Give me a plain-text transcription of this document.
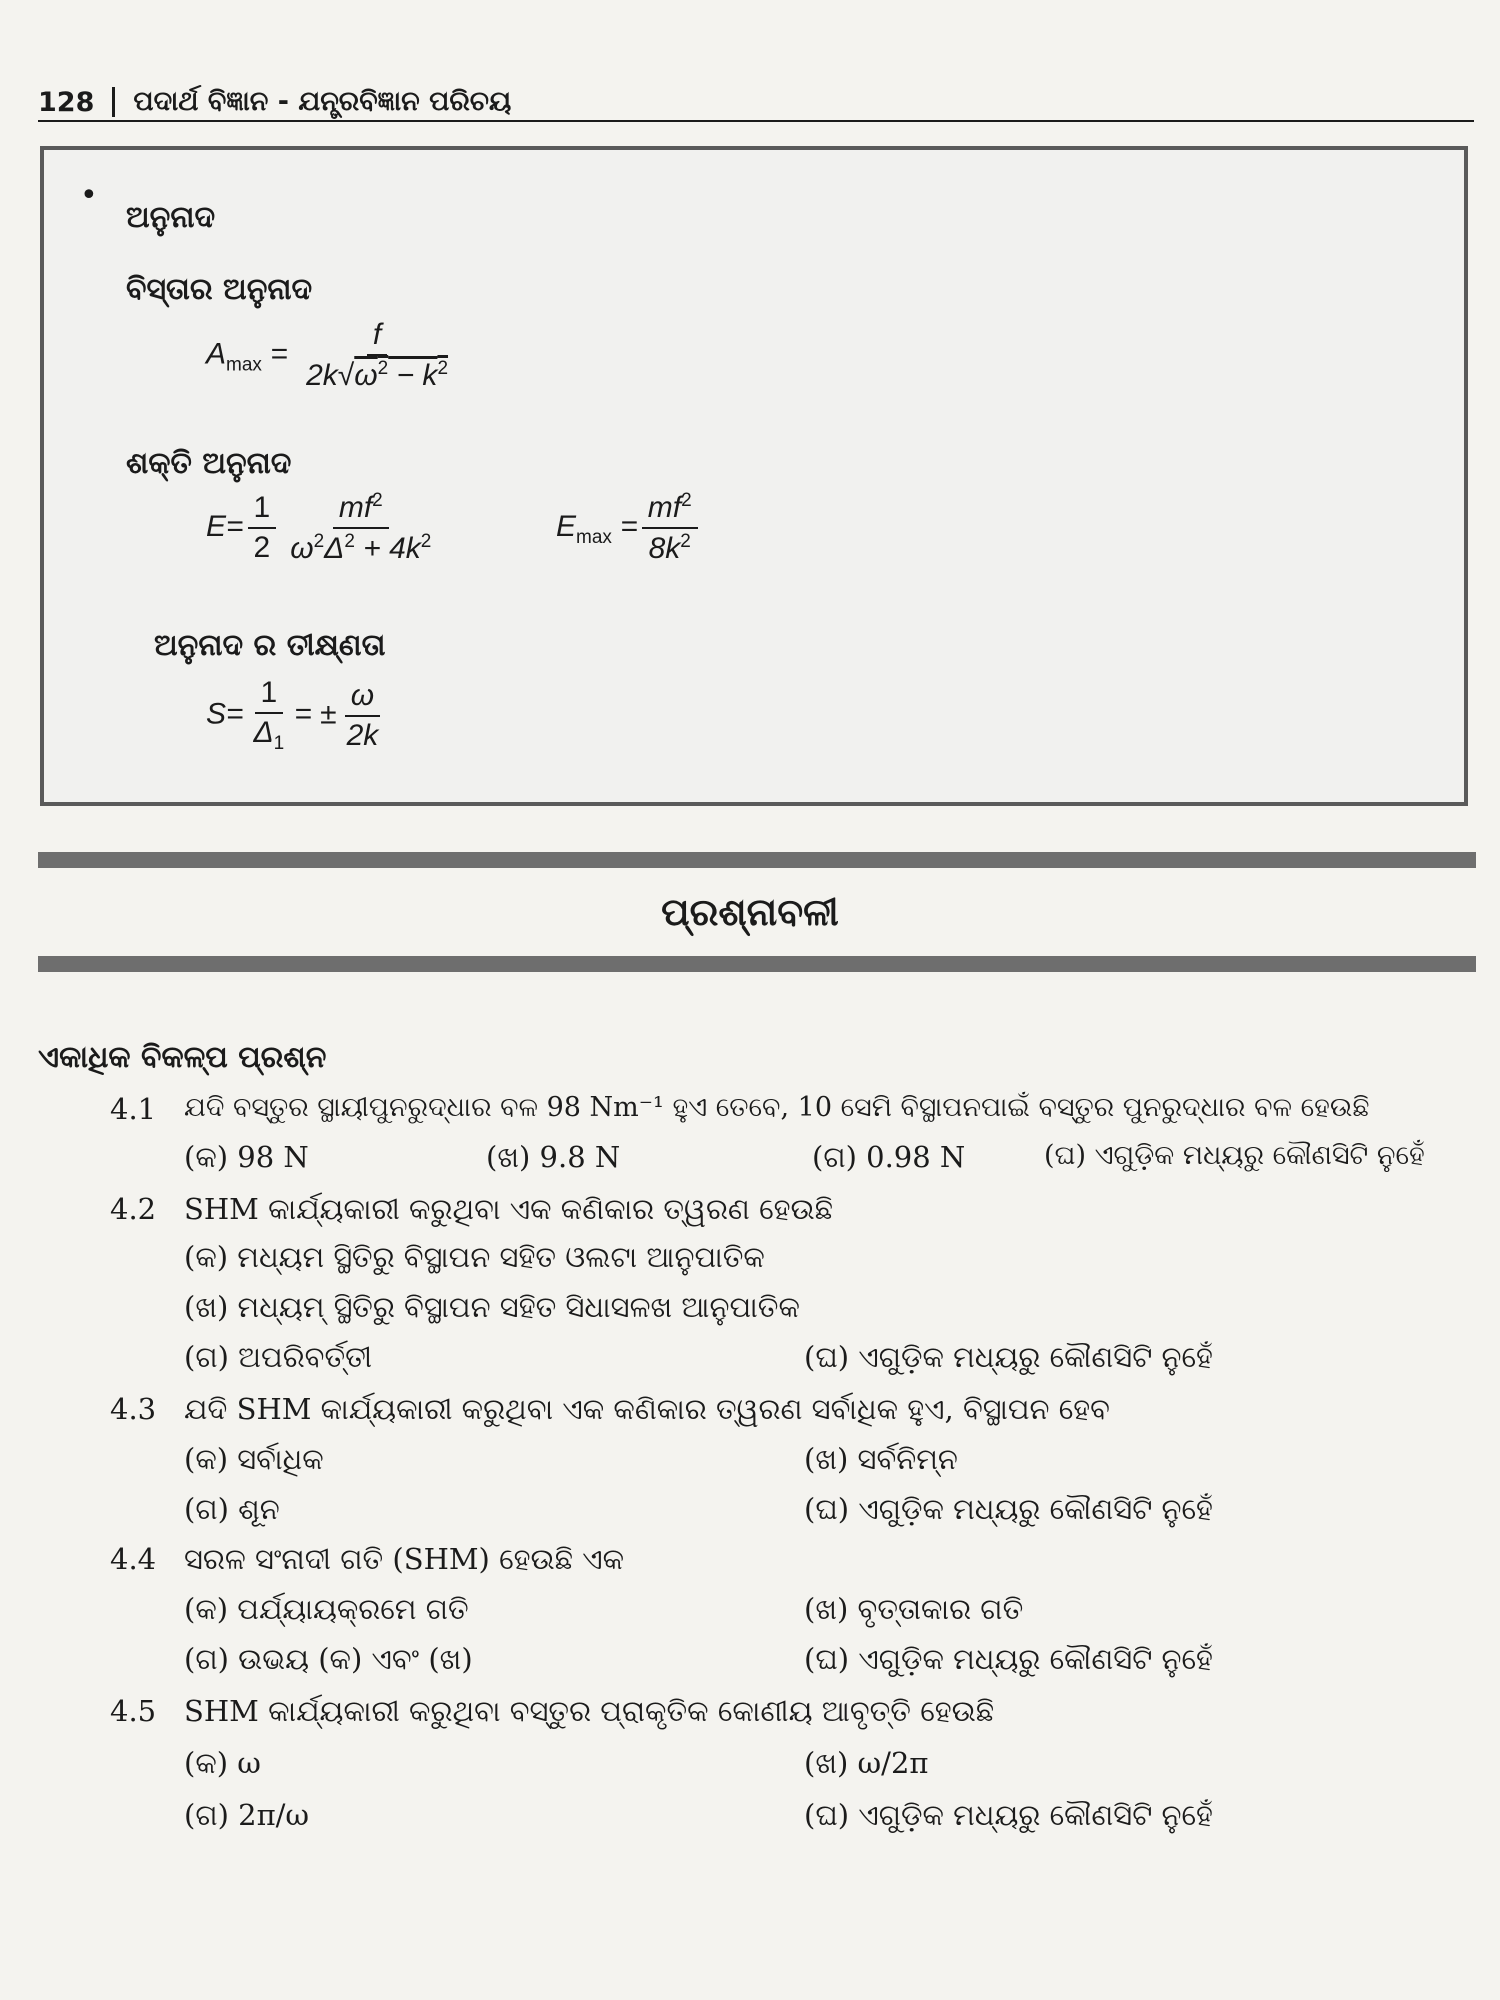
128 ପଦାର୍ଥ ବିଜ୍ଞାନ - ଯନ୍ତ୍ରବିଜ୍ଞାନ ପରିଚୟ
•
ଅନୁନାଦ
ବିସ୍ତାର ଅନୁନାଦ
$A_{max} = \frac{f}{2k√\omega^2 - k^2}$
ଶକ୍ତି ଅନୁନାଦ
$E= \frac{1}{2} \frac{mf^2}{\omega^2\Delta^2 + 4k^2}$	$E_{max} = \frac{mf^2}{8k^2}$
ଅନୁନାଦ ର ତୀକ୍ଷ୍ଣତା
$S= \frac{1}{\Delta_1}$ = ± $\frac{\omega}{2k}$
ପ୍ରଶ୍ନାବଳୀ
ଏକାଧିକ ବିକଳ୍ପ ପ୍ରଶ୍ନ
4.1 ଯଦି ବସ୍ତୁର ସ୍ଥାୟୀପୁନରୁଦ୍ଧାର ବଳ 98 Nm⁻¹ ହୁଏ ତେବେ, 10 ସେମି ବିସ୍ଥାପନପାଇଁ ବସ୍ତୁର ପୁନରୁଦ୍ଧାର ବଳ ହେଉଛି
(କ) 98 N	(ଖ) 9.8 N	(ଗ) 0.98 N	(ଘ) ଏଗୁଡ଼ିକ ମଧ୍ୟରୁ କୌଣସିଟି ନୁହେଁ
4.2 SHM କାର୍ଯ୍ୟକାରୀ କରୁଥିବା ଏକ କଣିକାର ତ୍ୱରଣ ହେଉଛି
(କ) ମଧ୍ୟମ ସ୍ଥିତିରୁ ବିସ୍ଥାପନ ସହିତ ଓଲଟା ଆନୁପାତିକ
(ଖ) ମଧ୍ୟମ୍ ସ୍ଥିତିରୁ ବିସ୍ଥାପନ ସହିତ ସିଧାସଳଖ ଆନୁପାତିକ
(ଗ) ଅପରିବର୍ତ୍ତୀ	(ଘ) ଏଗୁଡ଼ିକ ମଧ୍ୟରୁ କୌଣସିଟି ନୁହେଁ
4.3 ଯଦି SHM କାର୍ଯ୍ୟକାରୀ କରୁଥିବା ଏକ କଣିକାର ତ୍ୱରଣ ସର୍ବାଧିକ ହୁଏ, ବିସ୍ଥାପନ ହେବ
(କ) ସର୍ବାଧିକ	(ଖ) ସର୍ବନିମ୍ନ
(ଗ) ଶୂନ	(ଘ) ଏଗୁଡ଼ିକ ମଧ୍ୟରୁ କୌଣସିଟି ନୁହେଁ
4.4 ସରଳ ସଂନାଦୀ ଗତି (SHM) ହେଉଛି ଏକ
(କ) ପର୍ଯ୍ୟାୟକ୍ରମେ ଗତି	(ଖ) ବୃତ୍ତାକାର ଗତି
(ଗ) ଉଭୟ (କ) ଏବଂ (ଖ)	(ଘ) ଏଗୁଡ଼ିକ ମଧ୍ୟରୁ କୌଣସିଟି ନୁହେଁ
4.5 SHM କାର୍ଯ୍ୟକାରୀ କରୁଥିବା ବସ୍ତୁର ପ୍ରାକୃତିକ କୋଣୀୟ ଆବୃତ୍ତି ହେଉଛି
(କ) ω	(ଖ) ω/2π
(ଗ) 2π/ω	(ଘ) ଏଗୁଡ଼ିକ ମଧ୍ୟରୁ କୌଣସିଟି ନୁହେଁ
